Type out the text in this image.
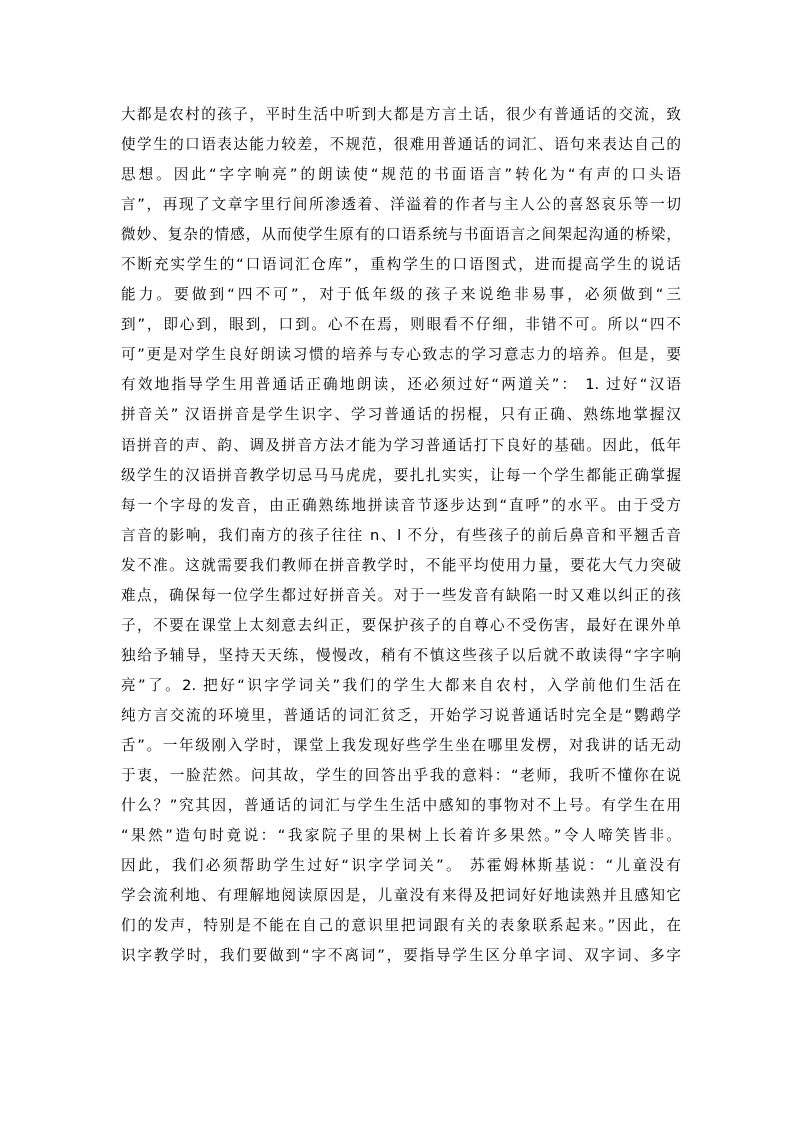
大都是农村的孩子，平时生活中听到大都是方言土话，很少有普通话的交流，致
使学生的口语表达能力较差，不规范，很难用普通话的词汇、语句来表达自己的
思想。因此“字字响亮”的朗读使“规范的书面语言”转化为“有声的口头语
言”，再现了文章字里行间所渗透着、洋溢着的作者与主人公的喜怒哀乐等一切
微妙、复杂的情感，从而使学生原有的口语系统与书面语言之间架起沟通的桥梁，
不断充实学生的“口语词汇仓库”，重构学生的口语图式，进而提高学生的说话
能力。要做到“四不可”，对于低年级的孩子来说绝非易事，必须做到“三
到”，即心到，眼到，口到。心不在焉，则眼看不仔细，非错不可。所以“四不
可”更是对学生良好朗读习惯的培养与专心致志的学习意志力的培养。但是，要
有效地指导学生用普通话正确地朗读，还必须过好“两道关”： 1. 过好“汉语
拼音关” 汉语拼音是学生识字、学习普通话的拐棍，只有正确、熟练地掌握汉
语拼音的声、韵、调及拼音方法才能为学习普通话打下良好的基础。因此，低年
级学生的汉语拼音教学切忌马马虎虎，要扎扎实实，让每一个学生都能正确掌握
每一个字母的发音，由正确熟练地拼读音节逐步达到“直呼”的水平。由于受方
言音的影响，我们南方的孩子往往 n、l 不分，有些孩子的前后鼻音和平翘舌音
发不准。这就需要我们教师在拼音教学时，不能平均使用力量，要花大气力突破
难点，确保每一位学生都过好拼音关。对于一些发音有缺陷一时又难以纠正的孩
子，不要在课堂上太刻意去纠正，要保护孩子的自尊心不受伤害，最好在课外单
独给予辅导，坚持天天练，慢慢改，稍有不慎这些孩子以后就不敢读得“字字响
亮”了。2. 把好“识字学词关”我们的学生大都来自农村，入学前他们生活在
纯方言交流的环境里，普通话的词汇贫乏，开始学习说普通话时完全是“鹦鹉学
舌”。一年级刚入学时，课堂上我发现好些学生坐在哪里发楞，对我讲的话无动
于衷，一脸茫然。问其故，学生的回答出乎我的意料：“老师，我听不懂你在说
什么？”究其因，普通话的词汇与学生生活中感知的事物对不上号。有学生在用
“果然”造句时竟说：“我家院子里的果树上长着许多果然。”令人啼笑皆非。
因此，我们必须帮助学生过好“识字学词关”。 苏霍姆林斯基说：“儿童没有
学会流利地、有理解地阅读原因是，儿童没有来得及把词好好地读熟并且感知它
们的发声，特别是不能在自己的意识里把词跟有关的表象联系起来。”因此，在
识字教学时，我们要做到“字不离词”，要指导学生区分单字词、双字词、多字
